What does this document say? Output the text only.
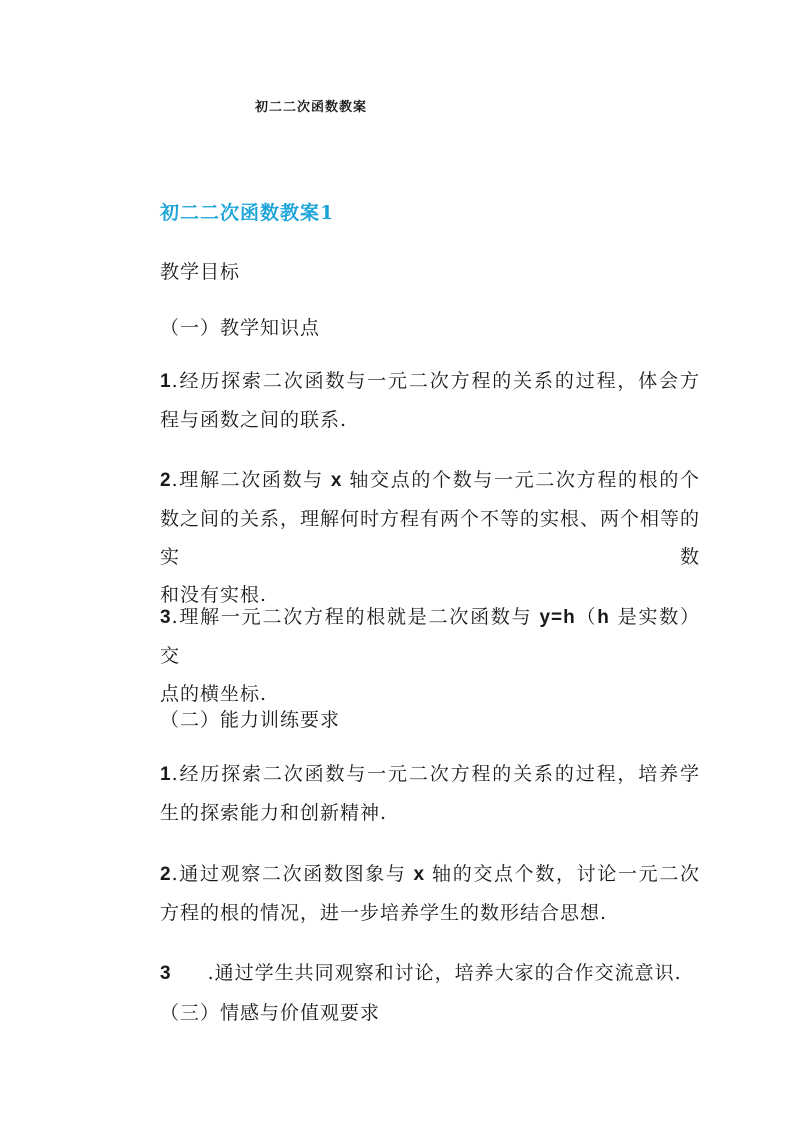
初二二次函数教案
初二二次函数教案1
教学目标
（一）教学知识点
1.经历探索二次函数与一元二次方程的关系的过程，体会方
程与函数之间的联系.
2.理解二次函数与 x 轴交点的个数与一元二次方程的根的个
数之间的关系，理解何时方程有两个不等的实根、两个相等的实数
和没有实根.
3.理解一元二次方程的根就是二次函数与 y=h（h 是实数）交
点的横坐标.
（二）能力训练要求
1.经历探索二次函数与一元二次方程的关系的过程，培养学
生的探索能力和创新精神.
2.通过观察二次函数图象与 x 轴的交点个数，讨论一元二次
方程的根的情况，进一步培养学生的数形结合思想.
3 .通过学生共同观察和讨论，培养大家的合作交流意识.
（三）情感与价值观要求
